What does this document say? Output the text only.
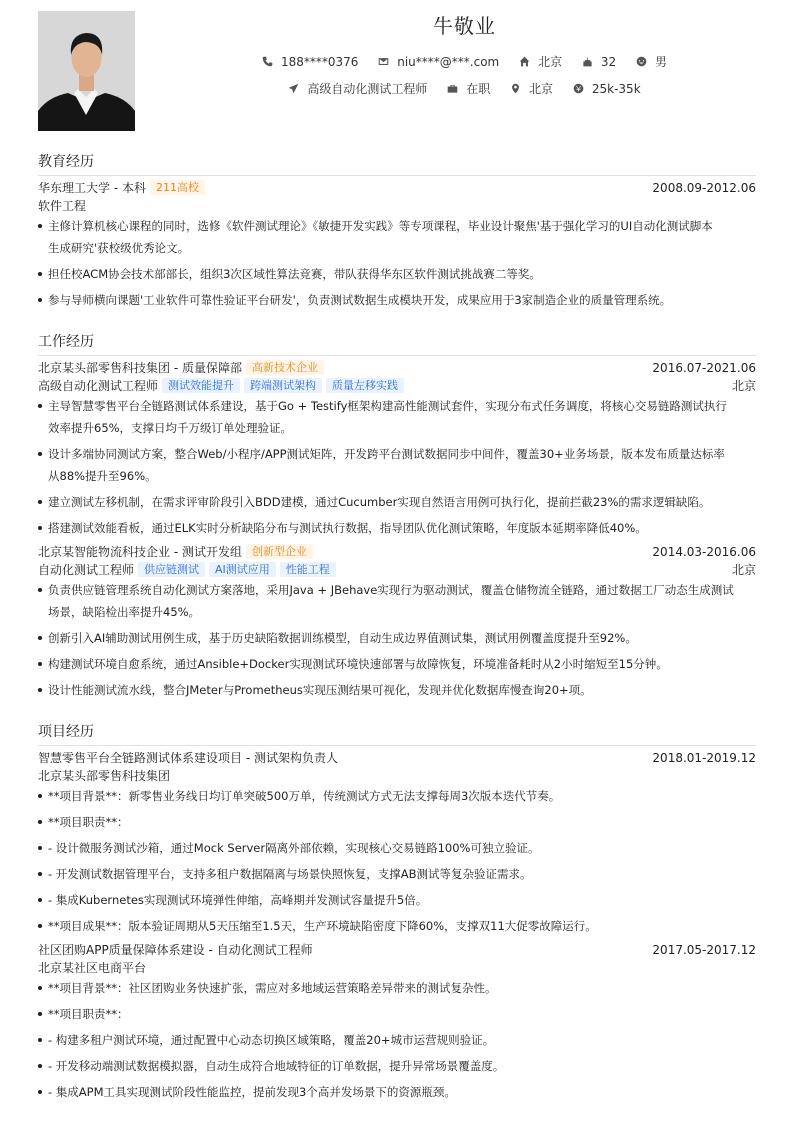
牛敬业
188****0376
	niu****@***.com
	北京
	32
	男
高级自动化测试工程师
	在职
	北京
	25k-35k
教育经历
华东理工大学 - 本科 211高校	2008.09-2012.06
软件工程
主修计算机核心课程的同时，选修《软件测试理论》《敏捷开发实践》等专项课程，毕业设计聚焦'基于强化学习的UI自动化测试脚本
生成研究'获校级优秀论文。
担任校ACM协会技术部部长，组织3次区域性算法竞赛，带队获得华东区软件测试挑战赛二等奖。
参与导师横向课题'工业软件可靠性验证平台研发'，负责测试数据生成模块开发，成果应用于3家制造企业的质量管理系统。
工作经历
北京某头部零售科技集团 - 质量保障部 高新技术企业	2016.07-2021.06
高级自动化测试工程师 测试效能提升 跨端测试架构 质量左移实践	北京
主导智慧零售平台全链路测试体系建设，基于Go + Testify框架构建高性能测试套件，实现分布式任务调度，将核心交易链路测试执行
效率提升65%，支撑日均千万级订单处理验证。
设计多端协同测试方案，整合Web/小程序/APP测试矩阵，开发跨平台测试数据同步中间件，覆盖30+业务场景，版本发布质量达标率
从88%提升至96%。
建立测试左移机制，在需求评审阶段引入BDD建模，通过Cucumber实现自然语言用例可执行化，提前拦截23%的需求逻辑缺陷。
搭建测试效能看板，通过ELK实时分析缺陷分布与测试执行数据，指导团队优化测试策略，年度版本延期率降低40%。
北京某智能物流科技企业 - 测试开发组 创新型企业	2014.03-2016.06
自动化测试工程师 供应链测试 AI测试应用 性能工程	北京
负责供应链管理系统自动化测试方案落地，采用Java + JBehave实现行为驱动测试，覆盖仓储物流全链路，通过数据工厂动态生成测试
场景，缺陷检出率提升45%。
创新引入AI辅助测试用例生成，基于历史缺陷数据训练模型，自动生成边界值测试集，测试用例覆盖度提升至92%。
构建测试环境自愈系统，通过Ansible+Docker实现测试环境快速部署与故障恢复，环境准备耗时从2小时缩短至15分钟。
设计性能测试流水线，整合JMeter与Prometheus实现压测结果可视化，发现并优化数据库慢查询20+项。
项目经历
智慧零售平台全链路测试体系建设项目 - 测试架构负责人	2018.01-2019.12
北京某头部零售科技集团
**项目背景**：新零售业务线日均订单突破500万单，传统测试方式无法支撑每周3次版本迭代节奏。
**项目职责**：
- 设计微服务测试沙箱，通过Mock Server隔离外部依赖，实现核心交易链路100%可独立验证。
- 开发测试数据管理平台，支持多租户数据隔离与场景快照恢复，支撑AB测试等复杂验证需求。
- 集成Kubernetes实现测试环境弹性伸缩，高峰期并发测试容量提升5倍。
**项目成果**：版本验证周期从5天压缩至1.5天，生产环境缺陷密度下降60%，支撑双11大促零故障运行。
社区团购APP质量保障体系建设 - 自动化测试工程师	2017.05-2017.12
北京某社区电商平台
**项目背景**：社区团购业务快速扩张，需应对多地域运营策略差异带来的测试复杂性。
**项目职责**：
- 构建多租户测试环境，通过配置中心动态切换区域策略，覆盖20+城市运营规则验证。
- 开发移动端测试数据模拟器，自动生成符合地域特征的订单数据，提升异常场景覆盖度。
- 集成APM工具实现测试阶段性能监控，提前发现3个高并发场景下的资源瓶颈。
